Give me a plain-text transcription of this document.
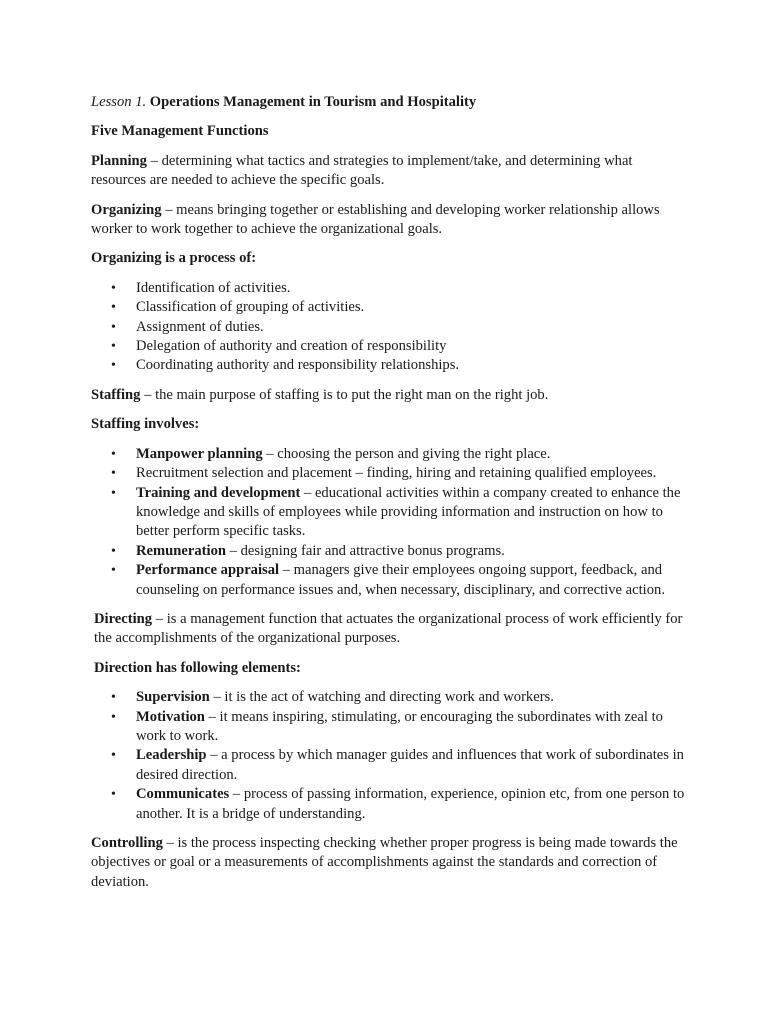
Lesson 1. Operations Management in Tourism and Hospitality

Five Management Functions

Planning – determining what tactics and strategies to implement/take, and determining what resources are needed to achieve the specific goals.

Organizing – means bringing together or establishing and developing worker relationship allows worker to work together to achieve the organizational goals.

Organizing is a process of:

• Identification of activities.
• Classification of grouping of activities.
• Assignment of duties.
• Delegation of authority and creation of responsibility
• Coordinating authority and responsibility relationships.

Staffing – the main purpose of staffing is to put the right man on the right job.

Staffing involves:

• Manpower planning – choosing the person and giving the right place.
• Recruitment selection and placement – finding, hiring and retaining qualified employees.
• Training and development – educational activities within a company created to enhance the knowledge and skills of employees while providing information and instruction on how to better perform specific tasks.
• Remuneration – designing fair and attractive bonus programs.
• Performance appraisal – managers give their employees ongoing support, feedback, and counseling on performance issues and, when necessary, disciplinary, and corrective action.

Directing – is a management function that actuates the organizational process of work efficiently for the accomplishments of the organizational purposes.

Direction has following elements:

• Supervision – it is the act of watching and directing work and workers.
• Motivation – it means inspiring, stimulating, or encouraging the subordinates with zeal to work to work.
• Leadership – a process by which manager guides and influences that work of subordinates in desired direction.
• Communicates – process of passing information, experience, opinion etc, from one person to another. It is a bridge of understanding.

Controlling – is the process inspecting checking whether proper progress is being made towards the objectives or goal or a measurements of accomplishments against the standards and correction of deviation.
